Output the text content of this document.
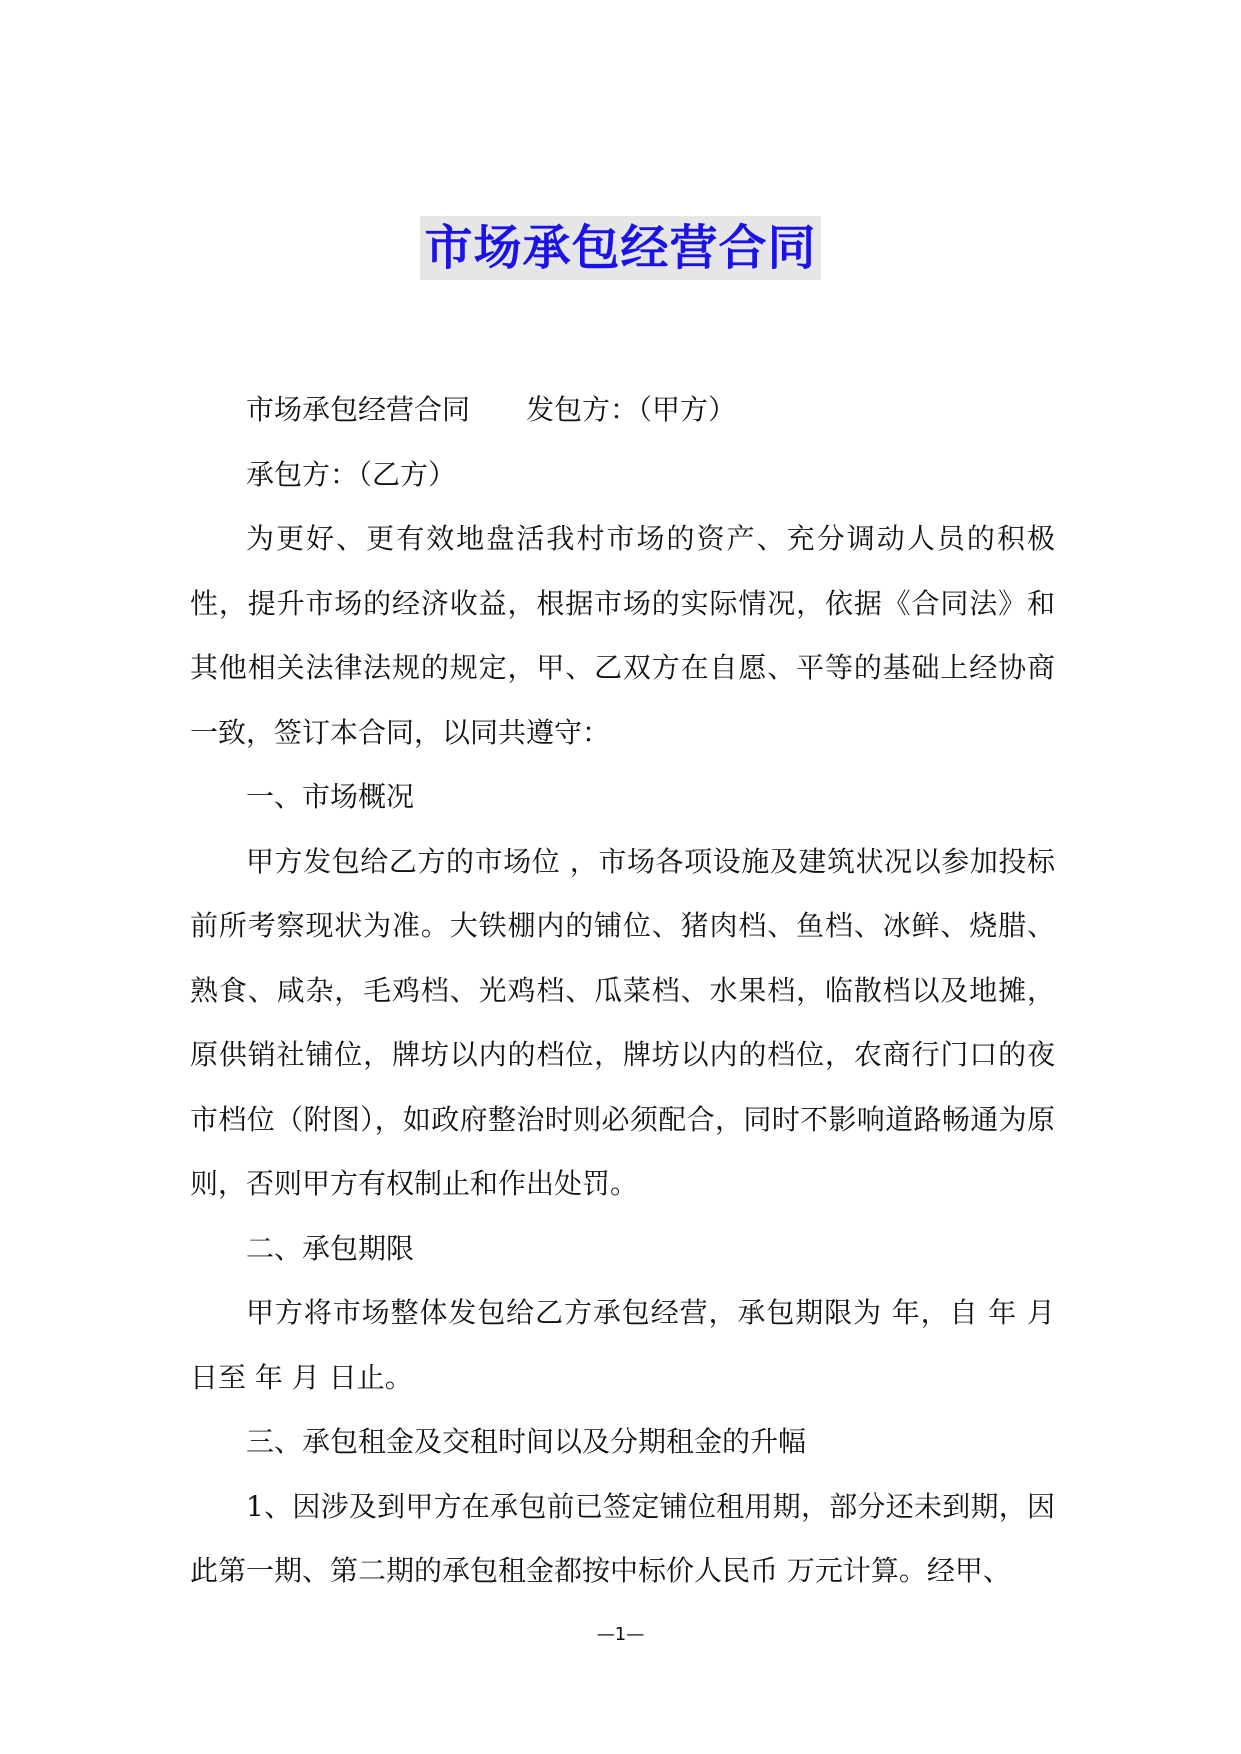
市场承包经营合同

市场承包经营合同 发包方：（甲方）

承包方：（乙方）

为更好、更有效地盘活我村市场的资产、充分调动人员的积极性，提升市场的经济收益，根据市场的实际情况，依据《合同法》和其他相关法律法规的规定，甲、乙双方在自愿、平等的基础上经协商一致，签订本合同，以同共遵守：

一、市场概况

甲方发包给乙方的市场位 ，市场各项设施及建筑状况以参加投标前所考察现状为准。大铁棚内的铺位、猪肉档、鱼档、冰鲜、烧腊、熟食、咸杂，毛鸡档、光鸡档、瓜菜档、水果档，临散档以及地摊，原供销社铺位，牌坊以内的档位，牌坊以内的档位，农商行门口的夜市档位（附图），如政府整治时则必须配合，同时不影响道路畅通为原则，否则甲方有权制止和作出处罚。

二、承包期限

甲方将市场整体发包给乙方承包经营，承包期限为 年，自 年 月 日至 年 月 日止。

三、承包租金及交租时间以及分期租金的升幅

1、因涉及到甲方在承包前已签定铺位租用期，部分还未到期，因此第一期、第二期的承包租金都按中标价人民币 万元计算。经甲、

—1—
